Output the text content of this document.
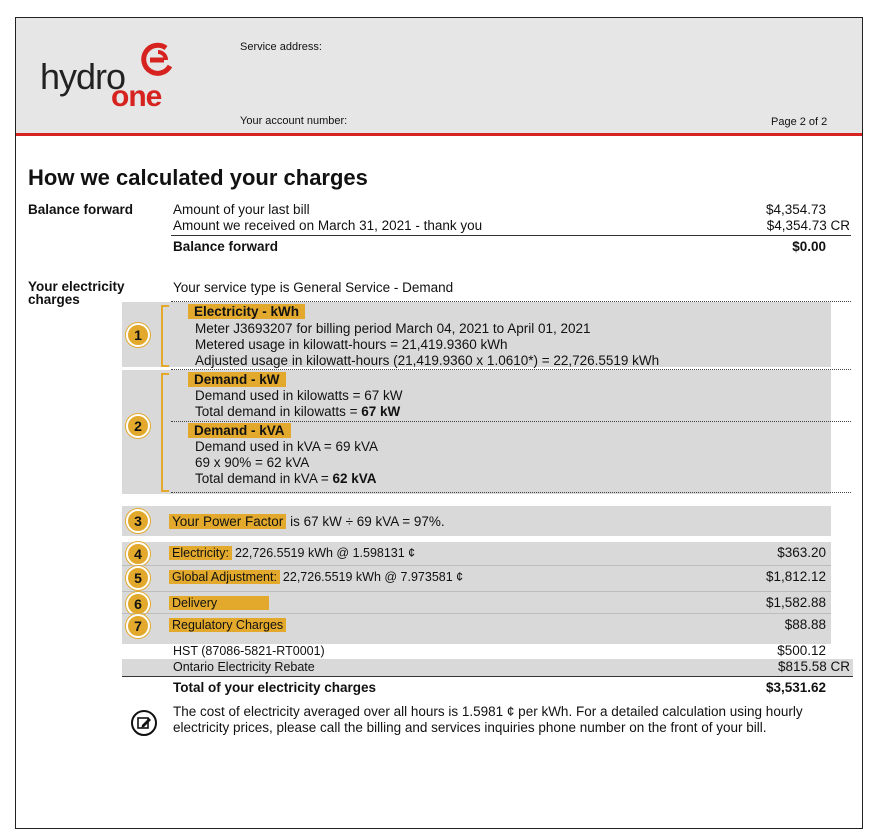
hydro
one
Service address:
Your account number:	Page 2 of 2
How we calculated your charges
Balance forward	Amount of your last bill	$4,354.73
Amount we received on March 31, 2021 - thank you	$4,354.73 CR
Balance forward	$0.00
Your electricity
charges
Your service type is General Service - Demand
1
Electricity - kWh
Meter J3693207 for billing period March 04, 2021 to April 01, 2021
Metered usage in kilowatt-hours = 21,419.9360 kWh
Adjusted usage in kilowatt-hours (21,419.9360 x 1.0610*) = 22,726.5519 kWh
2
Demand - kW
Demand used in kilowatts = 67 kW
Total demand in kilowatts = 67 kW
Demand - kVA
Demand used in kVA = 69 kVA
69 x 90% = 62 kVA
Total demand in kVA = 62 kVA
3	Your Power Factor is 67 kW ÷ 69 kVA = 97%.
4	Electricity: 22,726.5519 kWh @ 1.598131 ¢	$363.20
5	Global Adjustment: 22,726.5519 kWh @ 7.973581 ¢	$1,812.12
6	Delivery	$1,582.88
7	Regulatory Charges	$88.88
HST (87086-5821-RT0001)	$500.12
Ontario Electricity Rebate	$815.58 CR
Total of your electricity charges	$3,531.62
The cost of electricity averaged over all hours is 1.5981 ¢ per kWh. For a detailed calculation using hourly
electricity prices, please call the billing and services inquiries phone number on the front of your bill.
